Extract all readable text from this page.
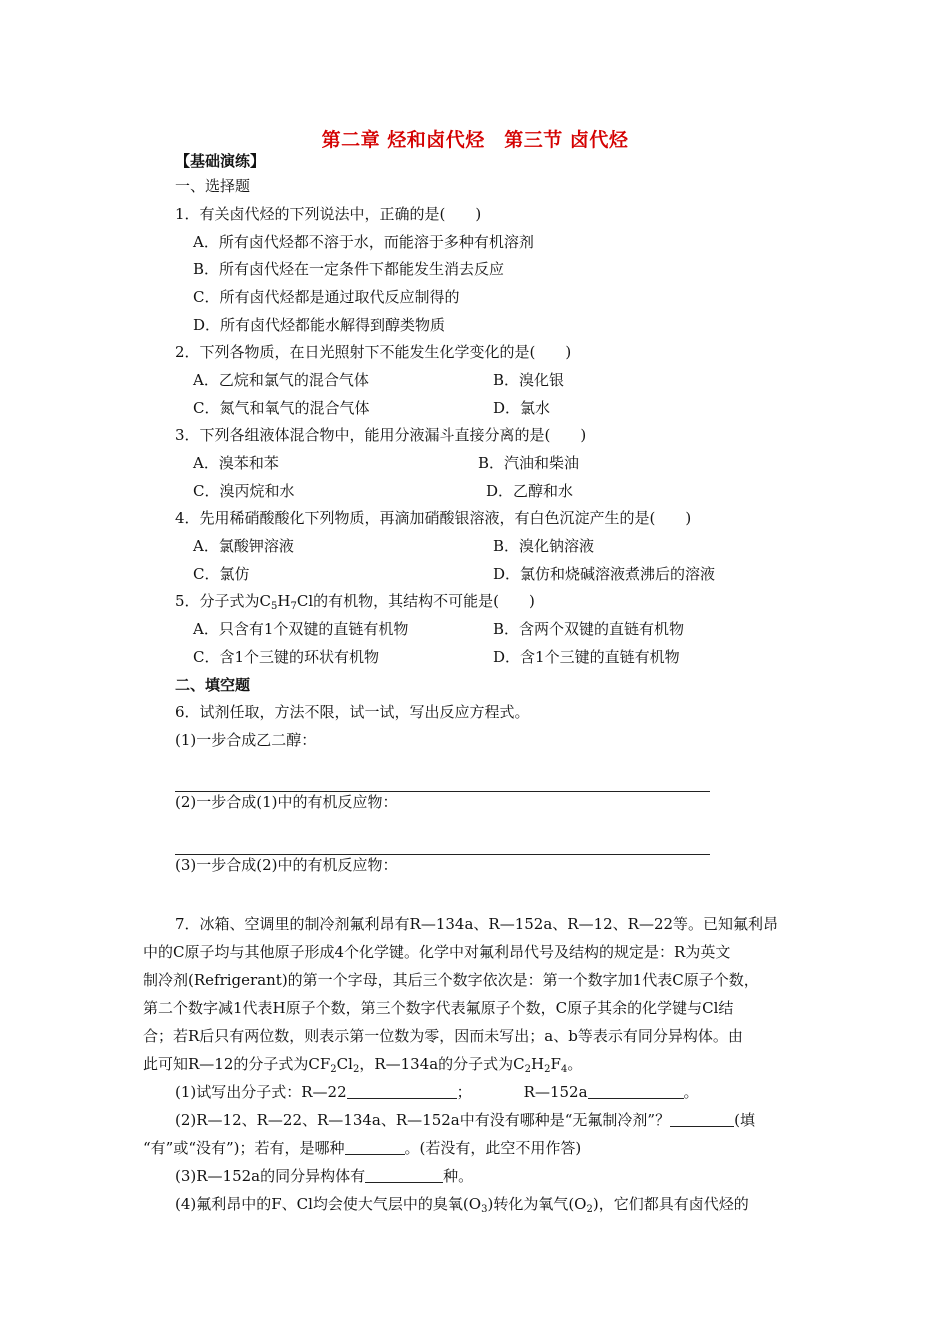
第二章 烃和卤代烃　第三节 卤代烃
【基础演练】
一、选择题
1．有关卤代烃的下列说法中，正确的是(　　)
A．所有卤代烃都不溶于水，而能溶于多种有机溶剂
B．所有卤代烃在一定条件下都能发生消去反应
C．所有卤代烃都是通过取代反应制得的
D．所有卤代烃都能水解得到醇类物质
2．下列各物质，在日光照射下不能发生化学变化的是(　　)
A．乙烷和氯气的混合气体	B．溴化银
C．氮气和氧气的混合气体	D．氯水
3．下列各组液体混合物中，能用分液漏斗直接分离的是(　　)
A．溴苯和苯	B．汽油和柴油
C．溴丙烷和水	D．乙醇和水
4．先用稀硝酸酸化下列物质，再滴加硝酸银溶液，有白色沉淀产生的是(　　)
A．氯酸钾溶液	B．溴化钠溶液
C．氯仿	D．氯仿和烧碱溶液煮沸后的溶液
5．分子式为$C_5H_7Cl$的有机物，其结构不可能是(　　)
A．只含有1个双键的直链有机物	B．含两个双键的直链有机物
C．含1个三键的环状有机物	D．含1个三键的直链有机物
二、填空题
6．试剂任取，方法不限，试一试，写出反应方程式。
(1)一步合成乙二醇：
(2)一步合成(1)中的有机反应物：
(3)一步合成(2)中的有机反应物：
7．冰箱、空调里的制冷剂氟利昂有R—134a、R—152a、R—12、R—22等。已知氟利昂
中的C原子均与其他原子形成4个化学键。化学中对氟利昂代号及结构的规定是：R为英文
制冷剂(Refrigerant)的第一个字母，其后三个数字依次是：第一个数字加1代表C原子个数，
第二个数字减1代表H原子个数，第三个数字代表氟原子个数，C原子其余的化学键与Cl结
合；若R后只有两位数，则表示第一位数为零，因而未写出；a、b等表示有同分异构体。由
此可知R—12的分子式为$CF_2Cl_2$，R—134a的分子式为$C_2H_2F_4$。
(1)试写出分子式：R—22	；	R—152a	。
(2)R—12、R—22、R—134a、R—152a中有没有哪种是“无氟制冷剂”？	(填
“有”或“没有”)；若有，是哪种	。(若没有，此空不用作答)
(3)R—152a的同分异构体有	种。
(4)氟利昂中的F、Cl均会使大气层中的臭氧$(O_3)$转化为氧气$(O_2)$，它们都具有卤代烃的
